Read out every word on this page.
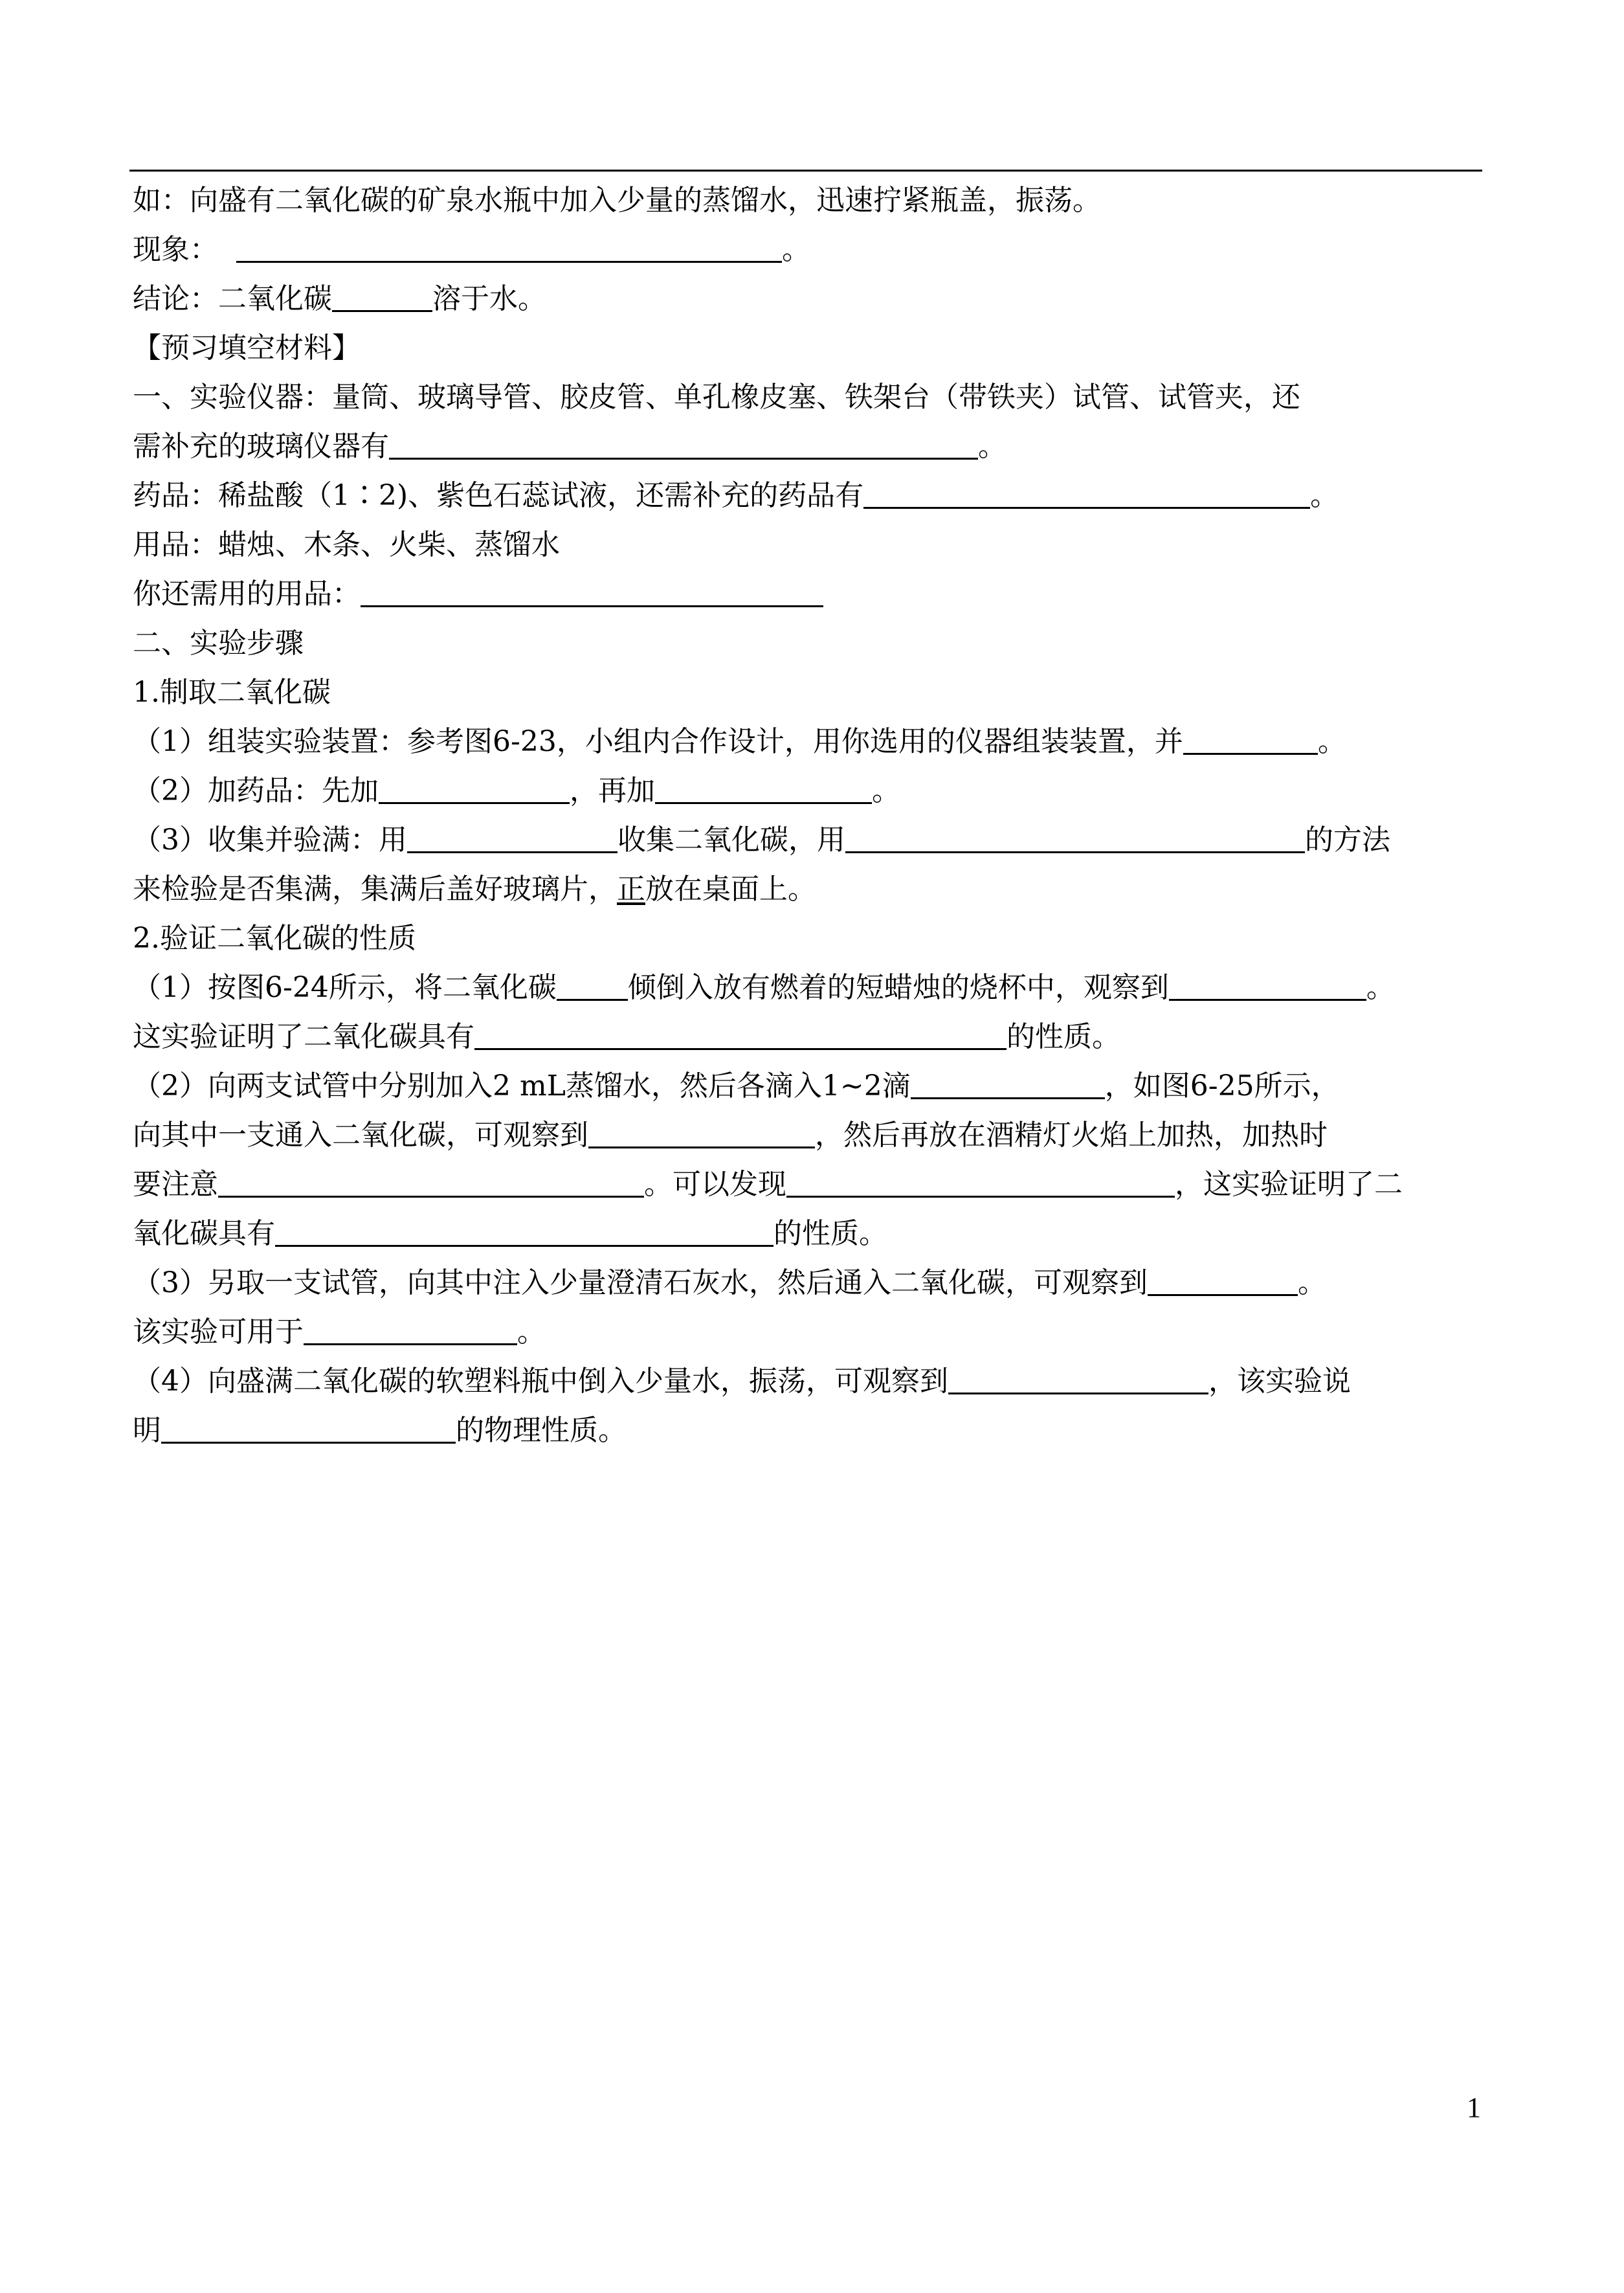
如：向盛有二氧化碳的矿泉水瓶中加入少量的蒸馏水，迅速拧紧瓶盖，振荡。
现象：	。
结论：二氧化碳	溶于水。
【预习填空材料】
一、实验仪器：量筒、玻璃导管、胶皮管、单孔橡皮塞、铁架台（带铁夹）试管、试管夹，还
需补充的玻璃仪器有	。
药品：稀盐酸（1∶2)、紫色石蕊试液，还需补充的药品有	。
用品：蜡烛、木条、火柴、蒸馏水
你还需用的用品：
二、实验步骤
1.制取二氧化碳
（1）组装实验装置：参考图6-23，小组内合作设计，用你选用的仪器组装装置，并	。
（2）加药品：先加	，再加	。
（3）收集并验满：用	收集二氧化碳，用	的方法
来检验是否集满，集满后盖好玻璃片，正放在桌面上。
2.验证二氧化碳的性质
（1）按图6-24所示，将二氧化碳	倾倒入放有燃着的短蜡烛的烧杯中，观察到	。
这实验证明了二氧化碳具有	的性质。
（2）向两支试管中分别加入2 mL蒸馏水，然后各滴入1~2滴	，如图6-25所示，
向其中一支通入二氧化碳，可观察到	，然后再放在酒精灯火焰上加热，加热时
要注意	。可以发现	，这实验证明了二
氧化碳具有	的性质。
（3）另取一支试管，向其中注入少量澄清石灰水，然后通入二氧化碳，可观察到	。
该实验可用于	。
（4）向盛满二氧化碳的软塑料瓶中倒入少量水，振荡，可观察到	，该实验说
明	的物理性质。
1
